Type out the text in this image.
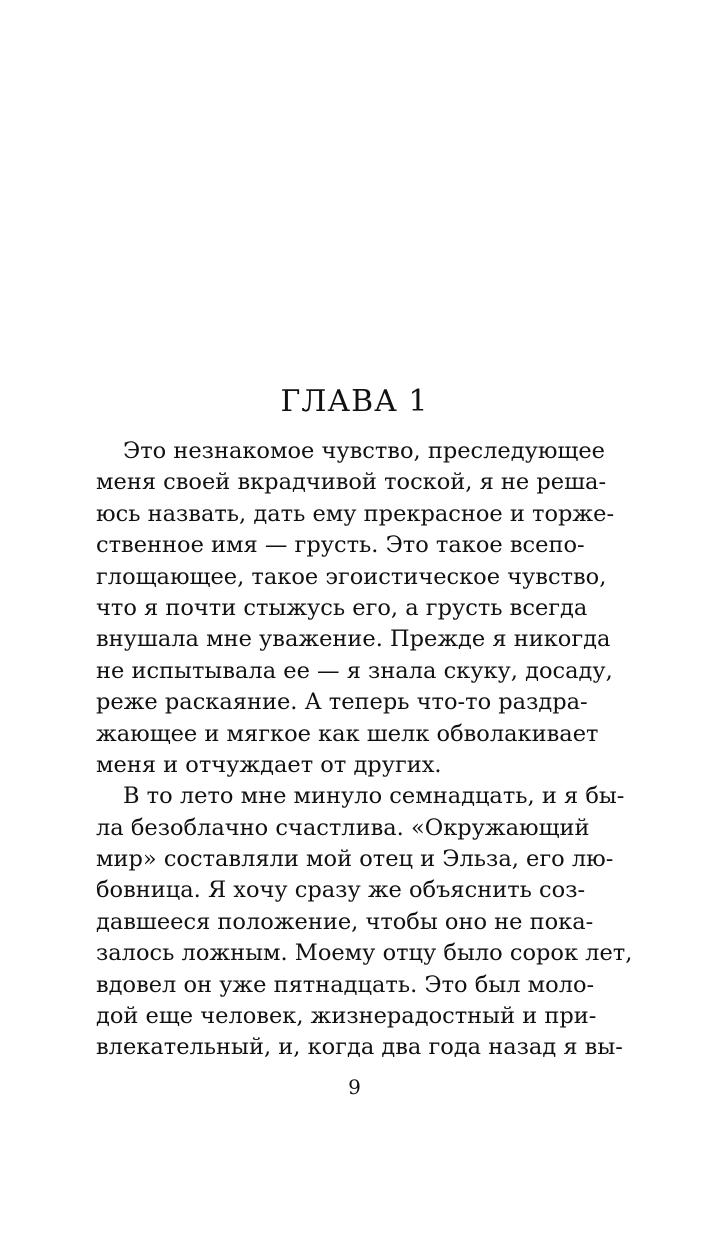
ГЛАВА 1
Это незнакомое чувство, преследующее
меня своей вкрадчивой тоской, я не реша-
юсь назвать, дать ему прекрасное и торже-
ственное имя — грусть. Это такое всепо-
глощающее, такое эгоистическое чувство,
что я почти стыжусь его, а грусть всегда
внушала мне уважение. Прежде я никогда
не испытывала ее — я знала скуку, досаду,
реже раскаяние. А теперь что-то раздра-
жающее и мягкое как шелк обволакивает
меня и отчуждает от других.
В то лето мне минуло семнадцать, и я бы-
ла безоблачно счастлива. «Окружающий
мир» составляли мой отец и Эльза, его лю-
бовница. Я хочу сразу же объяснить соз-
давшееся положение, чтобы оно не пока-
залось ложным. Моему отцу было сорок лет,
вдовел он уже пятнадцать. Это был моло-
дой еще человек, жизнерадостный и при-
влекательный, и, когда два года назад я вы-
9
